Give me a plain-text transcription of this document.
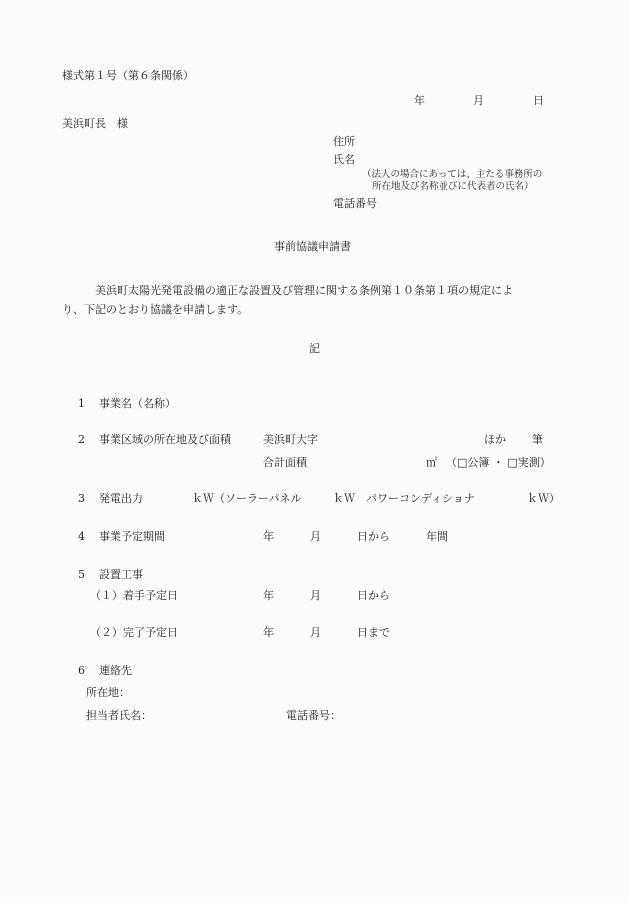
様式第１号（第６条関係）
年	月	日
美浜町長　様
住所
氏名
（法人の場合にあっては、主たる事務所の
所在地及び名称並びに代表者の氏名）
電話番号
事前協議申請書
美浜町太陽光発電設備の適正な設置及び管理に関する条例第１０条第１項の規定によ
り、下記のとおり協議を申請します。
記
1 事業名（名称）
2 事業区域の所在地及び面積	美浜町大字	ほか 筆
合計面積	㎡ （□公簿 ・ □実測）
3 発電出力	ｋＷ（ソーラーパネル	ｋＷ　パワーコンディショナ	ｋＷ）
4 事業予定期間	年	月	日から	年間
5 設置工事
（１）着手予定日	年	月	日から
（２）完了予定日	年	月	日まで
6 連絡先
所在地：
担当者氏名：	電話番号：
